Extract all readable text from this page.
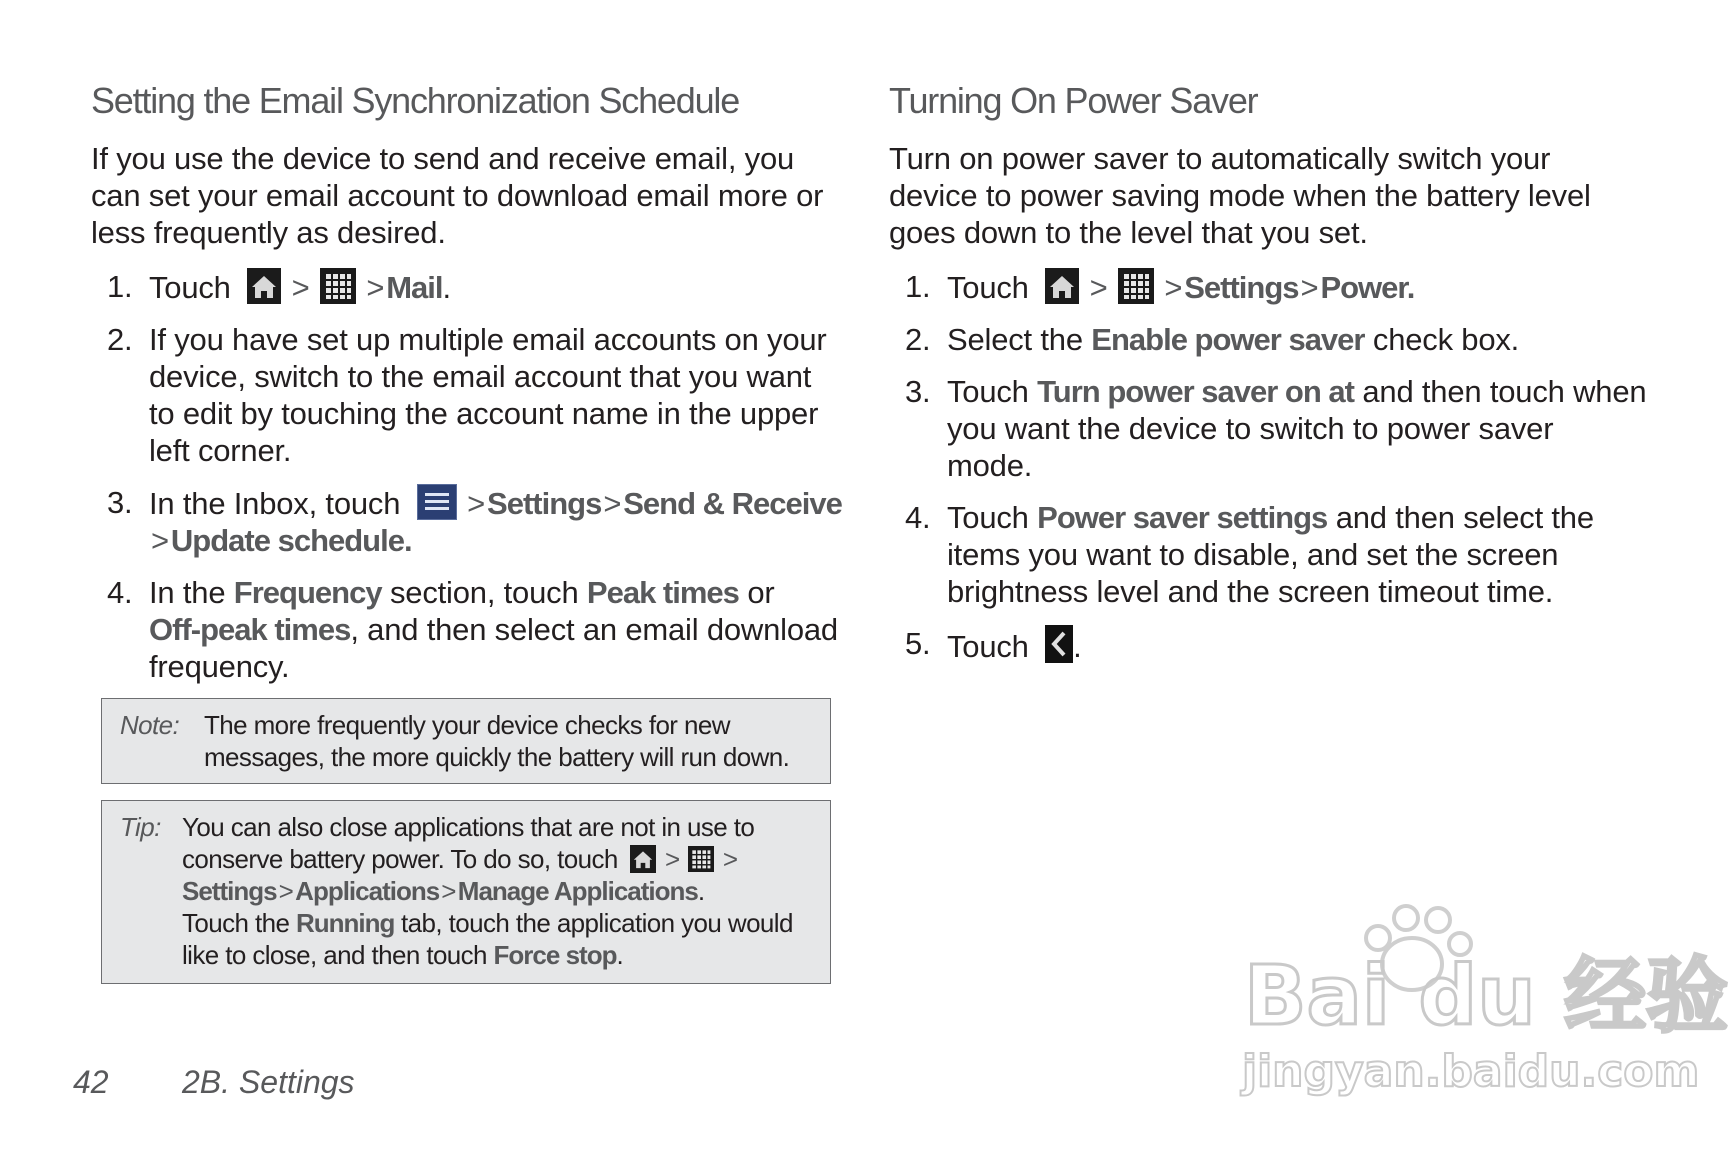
Setting the Email Synchronization Schedule
If you use the device to send and receive email, you
can set your email account to download email more or
less frequently as desired.
1. Touch > >Mail.
2. If you have set up multiple email accounts on your
device, switch to the email account that you want
to edit by touching the account name in the upper
left corner.
3. In the Inbox, touch >Settings>Send & Receive
>Update schedule.
4. In the Frequency section, touch Peak times or
Off-peak times, and then select an email download
frequency.
Note: The more frequently your device checks for new
messages, the more quickly the battery will run down.
Tip: You can also close applications that are not in use to
conserve battery power. To do so, touch > >
Settings>Applications>Manage Applications.
Touch the Running tab, touch the application you would
like to close, and then touch Force stop.
Turning On Power Saver
Turn on power saver to automatically switch your
device to power saving mode when the battery level
goes down to the level that you set.
1. Touch > >Settings>Power.
2. Select the Enable power saver check box.
3. Touch Turn power saver on at and then touch when
you want the device to switch to power saver
mode.
4. Touch Power saver settings and then select the
items you want to disable, and set the screen
brightness level and the screen timeout time.
5. Touch .
42 2B. Settings
Bai du 经验
jingyan.baidu.com
